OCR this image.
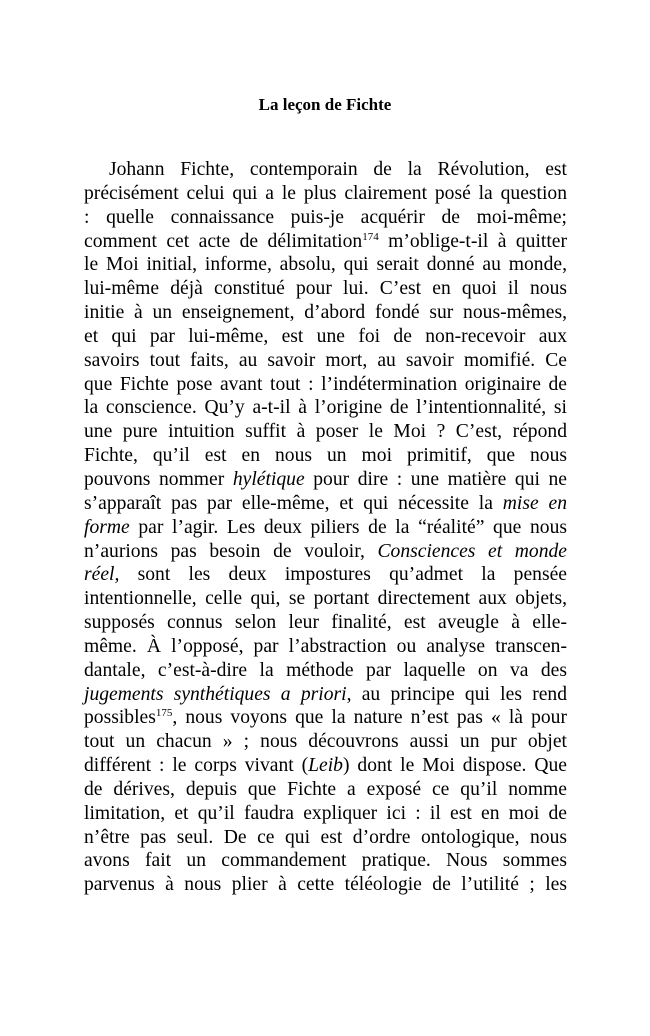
La leçon de Fichte
Johann Fichte, contemporain de la Révolution, est
précisément celui qui a le plus clairement posé la question
: quelle connaissance puis-je acquérir de moi-même;
comment cet acte de délimitation$^{174}$ m’oblige-t-il à quitter
le Moi initial, informe, absolu, qui serait donné au monde,
lui-même déjà constitué pour lui. C’est en quoi il nous
initie à un enseignement, d’abord fondé sur nous-mêmes,
et qui par lui-même, est une foi de non-recevoir aux
savoirs tout faits, au savoir mort, au savoir momifié. Ce
que Fichte pose avant tout : l’indétermination originaire de
la conscience. Qu’y a-t-il à l’origine de l’intentionnalité, si
une pure intuition suffit à poser le Moi ? C’est, répond
Fichte, qu’il est en nous un moi primitif, que nous
pouvons nommer hylétique pour dire : une matière qui ne
s’apparaît pas par elle-même, et qui nécessite la mise en
forme par l’agir. Les deux piliers de la “réalité” que nous
n’aurions pas besoin de vouloir, Consciences et monde
réel, sont les deux impostures qu’admet la pensée
intentionnelle, celle qui, se portant directement aux objets,
supposés connus selon leur finalité, est aveugle à elle-
même. À l’opposé, par l’abstraction ou analyse transcen-
dantale, c’est-à-dire la méthode par laquelle on va des
jugements synthétiques a priori, au principe qui les rend
possibles$^{175}$, nous voyons que la nature n’est pas « là pour
tout un chacun » ; nous découvrons aussi un pur objet
différent : le corps vivant (Leib) dont le Moi dispose. Que
de dérives, depuis que Fichte a exposé ce qu’il nomme
limitation, et qu’il faudra expliquer ici : il est en moi de
n’être pas seul. De ce qui est d’ordre ontologique, nous
avons fait un commandement pratique. Nous sommes
parvenus à nous plier à cette téléologie de l’utilité ; les
